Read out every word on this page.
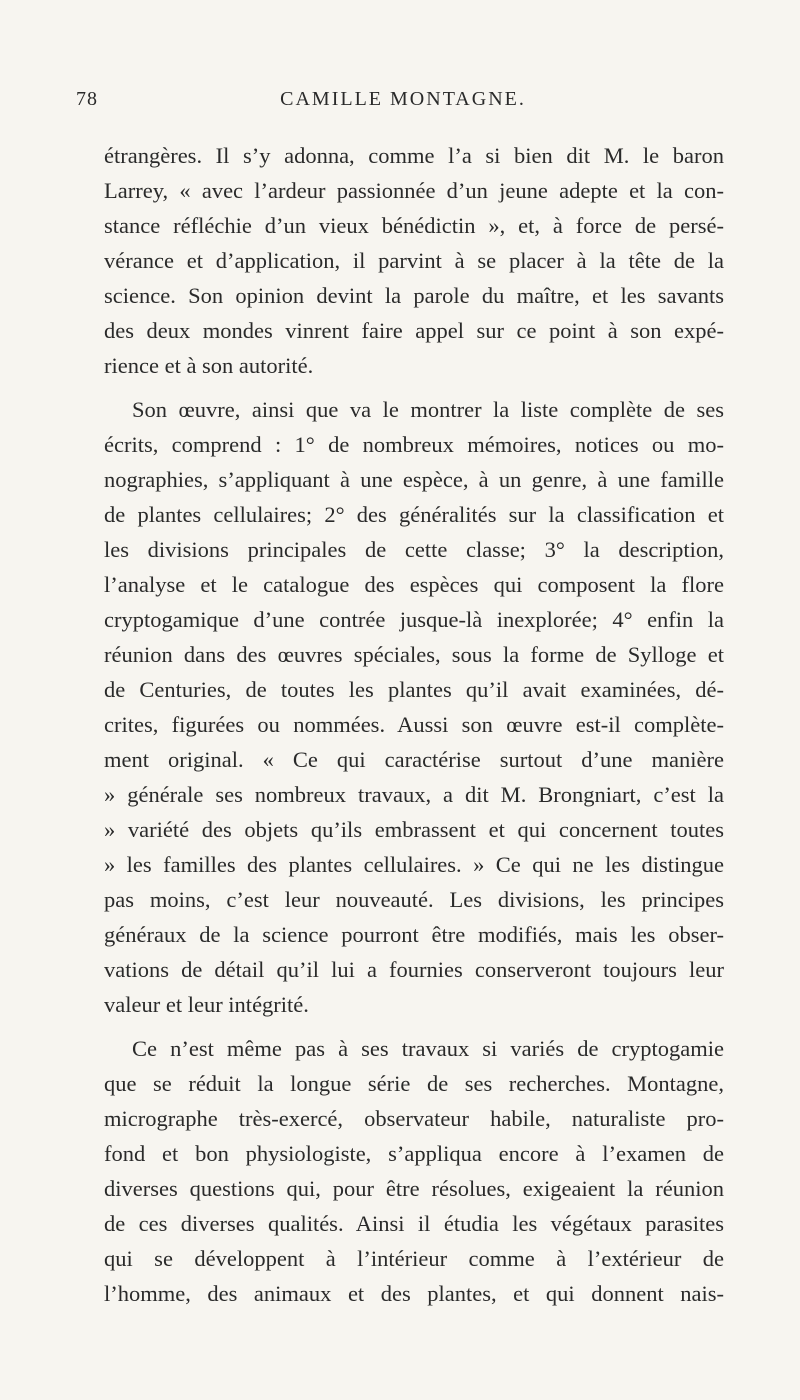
78	CAMILLE MONTAGNE.
étrangères. Il s’y adonna, comme l’a si bien dit M. le baron
Larrey, « avec l’ardeur passionnée d’un jeune adepte et la con-
stance réfléchie d’un vieux bénédictin », et, à force de persé-
vérance et d’application, il parvint à se placer à la tête de la
science. Son opinion devint la parole du maître, et les savants
des deux mondes vinrent faire appel sur ce point à son expé-
rience et à son autorité.
Son œuvre, ainsi que va le montrer la liste complète de ses
écrits, comprend : 1° de nombreux mémoires, notices ou mo-
nographies, s’appliquant à une espèce, à un genre, à une famille
de plantes cellulaires; 2° des généralités sur la classification et
les divisions principales de cette classe; 3° la description,
l’analyse et le catalogue des espèces qui composent la flore
cryptogamique d’une contrée jusque-là inexplorée; 4° enfin la
réunion dans des œuvres spéciales, sous la forme de Sylloge et
de Centuries, de toutes les plantes qu’il avait examinées, dé-
crites, figurées ou nommées. Aussi son œuvre est-il complète-
ment original. « Ce qui caractérise surtout d’une manière
» générale ses nombreux travaux, a dit M. Brongniart, c’est la
» variété des objets qu’ils embrassent et qui concernent toutes
» les familles des plantes cellulaires. » Ce qui ne les distingue
pas moins, c’est leur nouveauté. Les divisions, les principes
généraux de la science pourront être modifiés, mais les obser-
vations de détail qu’il lui a fournies conserveront toujours leur
valeur et leur intégrité.
Ce n’est même pas à ses travaux si variés de cryptogamie
que se réduit la longue série de ses recherches. Montagne,
micrographe très-exercé, observateur habile, naturaliste pro-
fond et bon physiologiste, s’appliqua encore à l’examen de
diverses questions qui, pour être résolues, exigeaient la réunion
de ces diverses qualités. Ainsi il étudia les végétaux parasites
qui se développent à l’intérieur comme à l’extérieur de
l’homme, des animaux et des plantes, et qui donnent nais-
